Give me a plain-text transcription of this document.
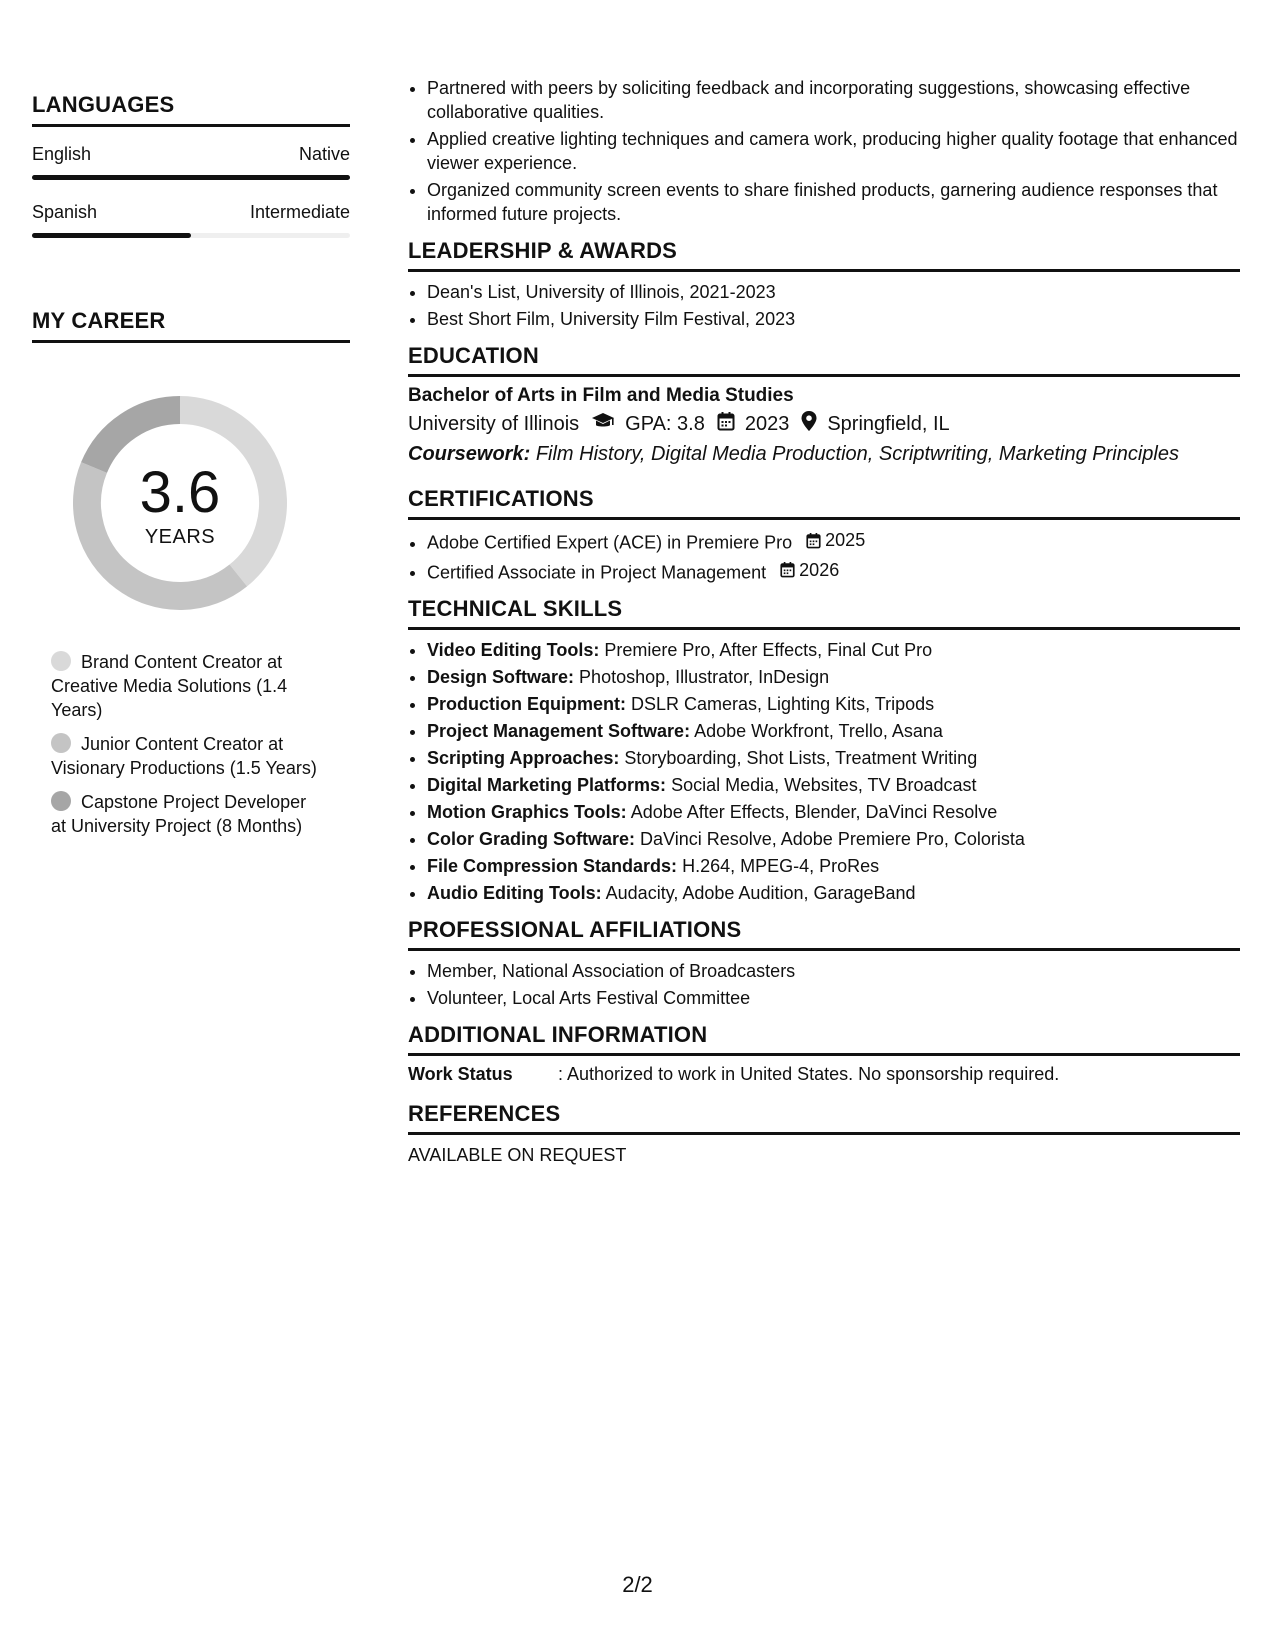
LANGUAGES
English	Native
Spanish	Intermediate
MY CAREER
3.6
YEARS
Brand Content Creator at Creative Media Solutions (1.4 Years)
Junior Content Creator at Visionary Productions (1.5 Years)
Capstone Project Developer at University Project (8 Months)
• Partnered with peers by soliciting feedback and incorporating suggestions, showcasing effective collaborative qualities.
• Applied creative lighting techniques and camera work, producing higher quality footage that enhanced viewer experience.
• Organized community screen events to share finished products, garnering audience responses that informed future projects.
LEADERSHIP & AWARDS
• Dean's List, University of Illinois, 2021-2023
• Best Short Film, University Film Festival, 2023
EDUCATION
Bachelor of Arts in Film and Media Studies
University of Illinois GPA: 3.8 2023 Springfield, IL
Coursework: Film History, Digital Media Production, Scriptwriting, Marketing Principles
CERTIFICATIONS
• Adobe Certified Expert (ACE) in Premiere Pro 2025
• Certified Associate in Project Management 2026
TECHNICAL SKILLS
• Video Editing Tools: Premiere Pro, After Effects, Final Cut Pro
• Design Software: Photoshop, Illustrator, InDesign
• Production Equipment: DSLR Cameras, Lighting Kits, Tripods
• Project Management Software: Adobe Workfront, Trello, Asana
• Scripting Approaches: Storyboarding, Shot Lists, Treatment Writing
• Digital Marketing Platforms: Social Media, Websites, TV Broadcast
• Motion Graphics Tools: Adobe After Effects, Blender, DaVinci Resolve
• Color Grading Software: DaVinci Resolve, Adobe Premiere Pro, Colorista
• File Compression Standards: H.264, MPEG-4, ProRes
• Audio Editing Tools: Audacity, Adobe Audition, GarageBand
PROFESSIONAL AFFILIATIONS
• Member, National Association of Broadcasters
• Volunteer, Local Arts Festival Committee
ADDITIONAL INFORMATION
Work Status	: Authorized to work in United States. No sponsorship required.
REFERENCES
AVAILABLE ON REQUEST
2/2
